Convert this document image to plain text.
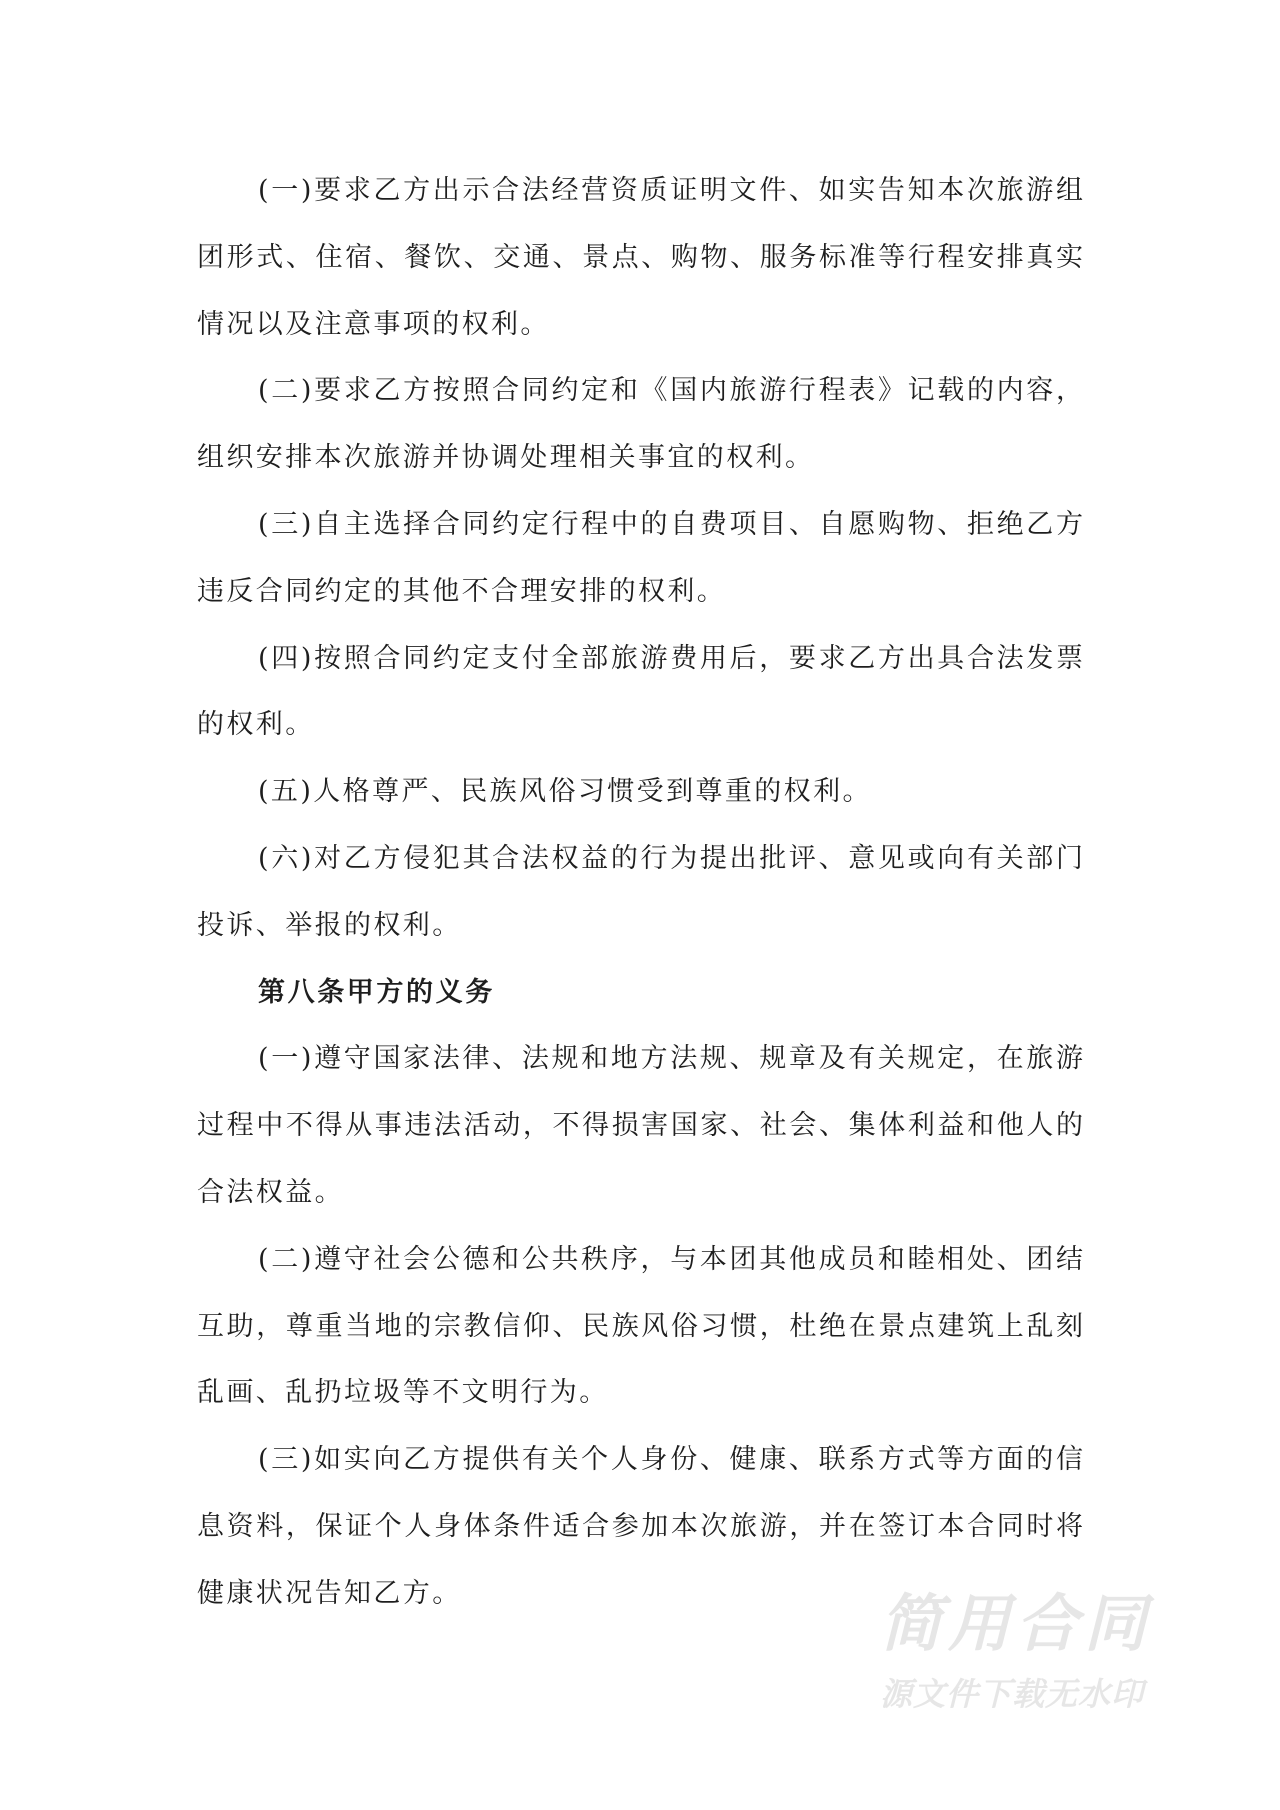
(一)要求乙方出示合法经营资质证明文件、如实告知本次旅游组
团形式、住宿、餐饮、交通、景点、购物、服务标准等行程安排真实
情况以及注意事项的权利。
(二)要求乙方按照合同约定和《国内旅游行程表》记载的内容，
组织安排本次旅游并协调处理相关事宜的权利。
(三)自主选择合同约定行程中的自费项目、自愿购物、拒绝乙方
违反合同约定的其他不合理安排的权利。
(四)按照合同约定支付全部旅游费用后，要求乙方出具合法发票
的权利。
(五)人格尊严、民族风俗习惯受到尊重的权利。
(六)对乙方侵犯其合法权益的行为提出批评、意见或向有关部门
投诉、举报的权利。
第八条甲方的义务
(一)遵守国家法律、法规和地方法规、规章及有关规定，在旅游
过程中不得从事违法活动，不得损害国家、社会、集体利益和他人的
合法权益。
(二)遵守社会公德和公共秩序，与本团其他成员和睦相处、团结
互助，尊重当地的宗教信仰、民族风俗习惯，杜绝在景点建筑上乱刻
乱画、乱扔垃圾等不文明行为。
(三)如实向乙方提供有关个人身份、健康、联系方式等方面的信
息资料，保证个人身体条件适合参加本次旅游，并在签订本合同时将
健康状况告知乙方。	简用合同
源文件下载无水印
